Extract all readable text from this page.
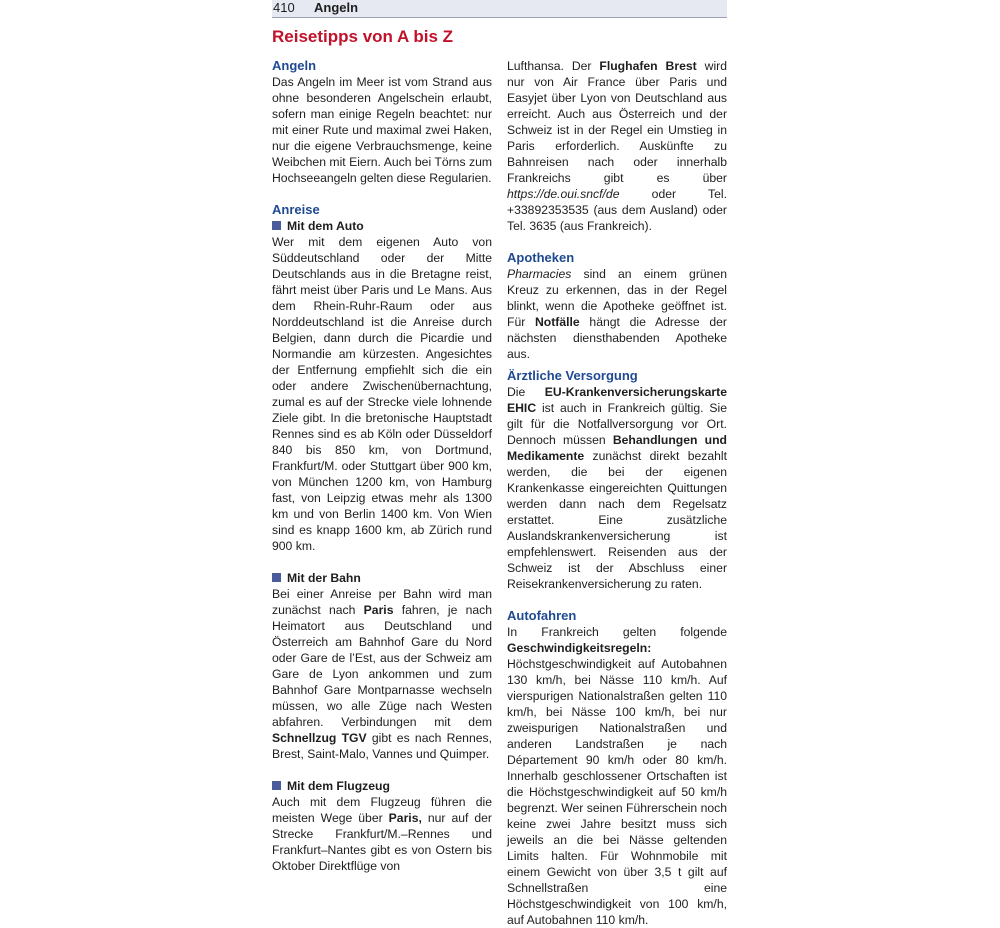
410 Angeln
Reisetipps von A bis Z
Angeln

Das Angeln im Meer ist vom Strand aus ohne besonderen Angelschein erlaubt, sofern man einige Regeln beachtet: nur mit einer Rute und maximal zwei Haken, nur die eigene Verbrauchsmenge, keine Weibchen mit Eiern. Auch bei Törns zum Hochseeangeln gelten diese Regularien.

Anreise
Mit dem Auto

Wer mit dem eigenen Auto von Süddeutschland oder der Mitte Deutschlands aus in die Bretagne reist, fährt meist über Paris und Le Mans. Aus dem Rhein-Ruhr-Raum oder aus Norddeutschland ist die Anreise durch Belgien, dann durch die Picardie und Normandie am kürzesten. Angesichtes der Entfernung empfiehlt sich die ein oder andere Zwischenübernachtung, zumal es auf der Strecke viele lohnende Ziele gibt. In die bretonische Hauptstadt Rennes sind es ab Köln oder Düsseldorf 840 bis 850 km, von Dortmund, Frankfurt/M. oder Stuttgart über 900 km, von München 1200 km, von Hamburg fast, von Leipzig etwas mehr als 1300 km und von Berlin 1400 km. Von Wien sind es knapp 1600 km, ab Zürich rund 900 km.

Mit der Bahn

Bei einer Anreise per Bahn wird man zunächst nach Paris fahren, je nach Heimatort aus Deutschland und Österreich am Bahnhof Gare du Nord oder Gare de l’Est, aus der Schweiz am Gare de Lyon ankommen und zum Bahnhof Gare Montparnasse wechseln müssen, wo alle Züge nach Westen abfahren. Verbindungen mit dem Schnellzug TGV gibt es nach Rennes, Brest, Saint-Malo, Vannes und Quimper.

Mit dem Flugzeug

Auch mit dem Flugzeug führen die meisten Wege über Paris, nur auf der Strecke Frankfurt/M.–Rennes und Frankfurt–Nantes gibt es von Ostern bis Oktober Direktflüge von

Lufthansa. Der Flughafen Brest wird nur von Air France über Paris und Easyjet über Lyon von Deutschland aus erreicht. Auch aus Österreich und der Schweiz ist in der Regel ein Umstieg in Paris erforderlich. Auskünfte zu Bahnreisen nach oder innerhalb Frankreichs gibt es über https://de.oui.sncf/de oder Tel. +33892353535 (aus dem Ausland) oder Tel. 3635 (aus Frankreich).

Apotheken

Pharmacies sind an einem grünen Kreuz zu erkennen, das in der Regel blinkt, wenn die Apotheke geöffnet ist. Für Notfälle hängt die Adresse der nächsten diensthabenden Apotheke aus.

Ärztliche Versorgung

Die EU-Krankenversicherungskarte EHIC ist auch in Frankreich gültig. Sie gilt für die Notfallversorgung vor Ort. Dennoch müssen Behandlungen und Medikamente zunächst direkt bezahlt werden, die bei der eigenen Krankenkasse eingereichten Quittungen werden dann nach dem Regelsatz erstattet. Eine zusätzliche Auslandskrankenversicherung ist empfehlenswert. Reisenden aus der Schweiz ist der Abschluss einer Reisekrankenversicherung zu raten.

Autofahren

In Frankreich gelten folgende Geschwindigkeitsregeln: Höchstgeschwindigkeit auf Autobahnen 130 km/h, bei Nässe 110 km/h. Auf vierspurigen Nationalstraßen gelten 110 km/h, bei Nässe 100 km/h, bei nur zweispurigen Nationalstraßen und anderen Landstraßen je nach Département 90 km/h oder 80 km/h. Innerhalb geschlossener Ortschaften ist die Höchstgeschwindigkeit auf 50 km/h begrenzt. Wer seinen Führerschein noch keine zwei Jahre besitzt muss sich jeweils an die bei Nässe geltenden Limits halten. Für Wohnmobile mit einem Gewicht von über 3,5 t gilt auf Schnellstraßen eine Höchstgeschwindigkeit von 100 km/h, auf Autobahnen 110 km/h.
